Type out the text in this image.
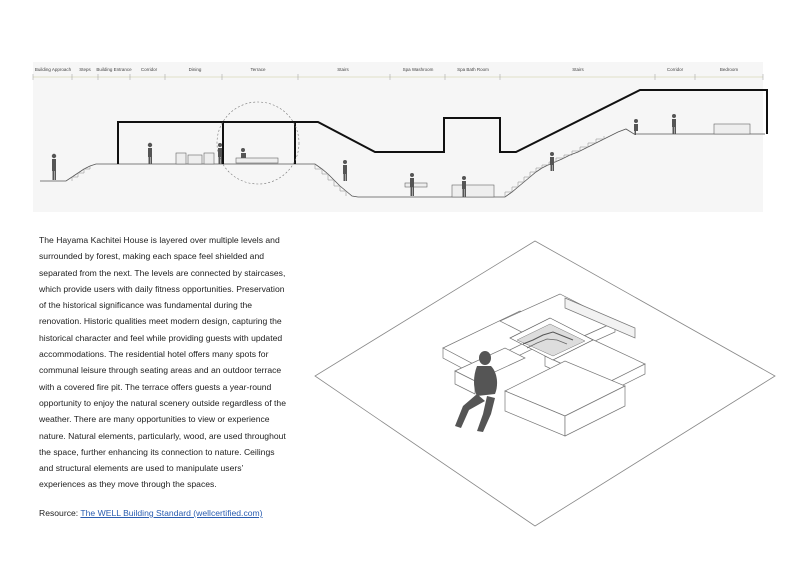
Building Approach Steps Building Entrance Corridor	Dining	Terrace	Stairs	Spa Washroom	Spa Bath Room	Stairs	Corridor	Bedroom

The Hayama Kachitei House is layered over multiple levels and surrounded by forest, making each space feel shielded and separated from the next. The levels are connected by staircases, which provide users with daily fitness opportunities. Preservation of the historical significance was fundamental during the renovation. Historic qualities meet modern design, capturing the historical character and feel while providing guests with updated accommodations. The residential hotel offers many spots for communal leisure through seating areas and an outdoor terrace with a covered fire pit. The terrace offers guests a year-round opportunity to enjoy the natural scenery outside regardless of the weather. There are many opportunities to view or experience nature. Natural elements, particularly, wood, are used throughout the space, further enhancing its connection to nature. Ceilings and structural elements are used to manipulate users’ experiences as they move through the spaces.

Resource: The WELL Building Standard (wellcertified.com)
